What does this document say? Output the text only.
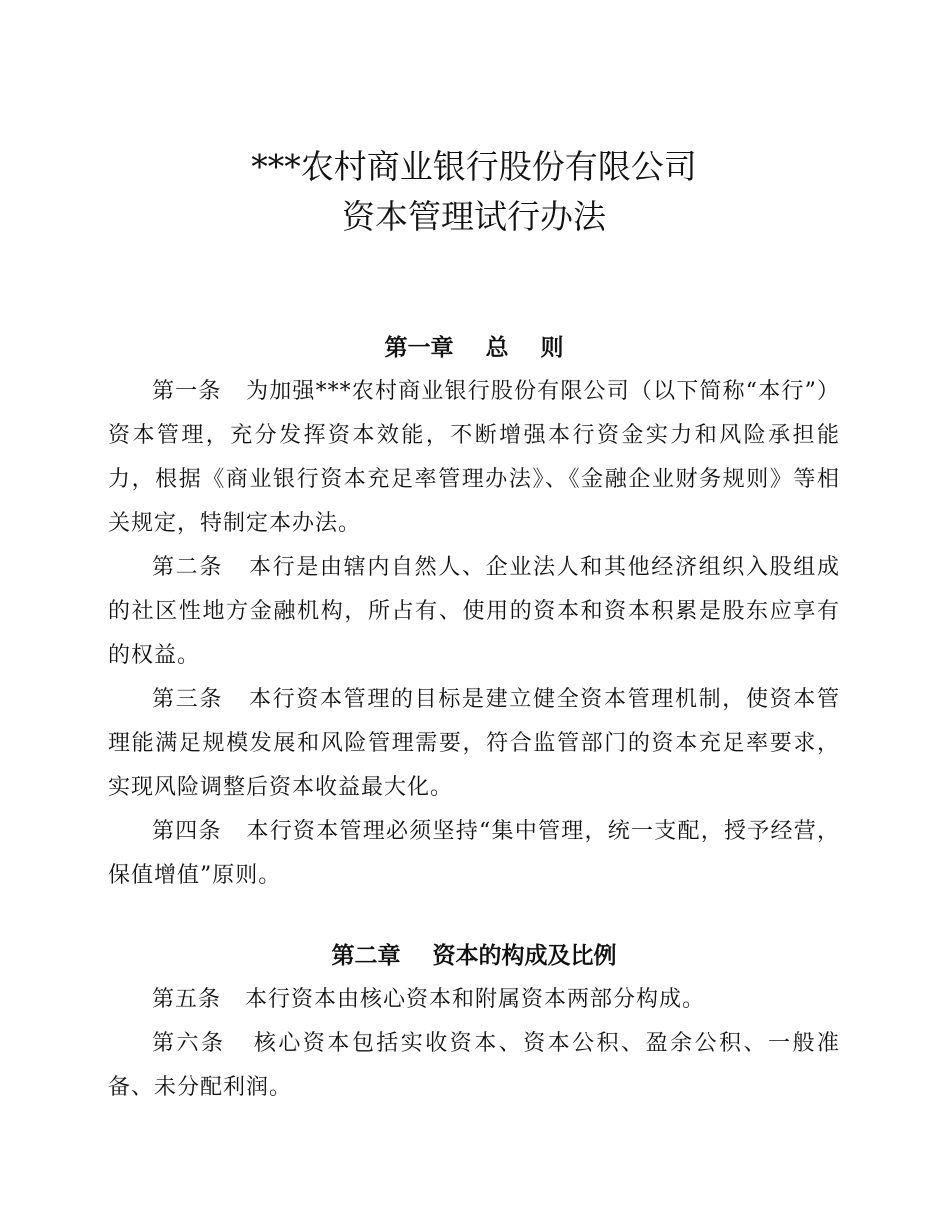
***农村商业银行股份有限公司
资本管理试行办法
第一章    总    则

第一条 为加强***农村商业银行股份有限公司（以下简称“本行”）资本管理，充分发挥资本效能，不断增强本行资金实力和风险承担能力，根据《商业银行资本充足率管理办法》、《金融企业财务规则》等相关规定，特制定本办法。

第二条 本行是由辖内自然人、企业法人和其他经济组织入股组成的社区性地方金融机构，所占有、使用的资本和资本积累是股东应享有的权益。

第三条 本行资本管理的目标是建立健全资本管理机制，使资本管理能满足规模发展和风险管理需要，符合监管部门的资本充足率要求，实现风险调整后资本收益最大化。

第四条 本行资本管理必须坚持“集中管理，统一支配，授予经营，保值增值”原则。

第二章    资本的构成及比例

第五条 本行资本由核心资本和附属资本两部分构成。

第六条 核心资本包括实收资本、资本公积、盈余公积、一般准备、未分配利润。
